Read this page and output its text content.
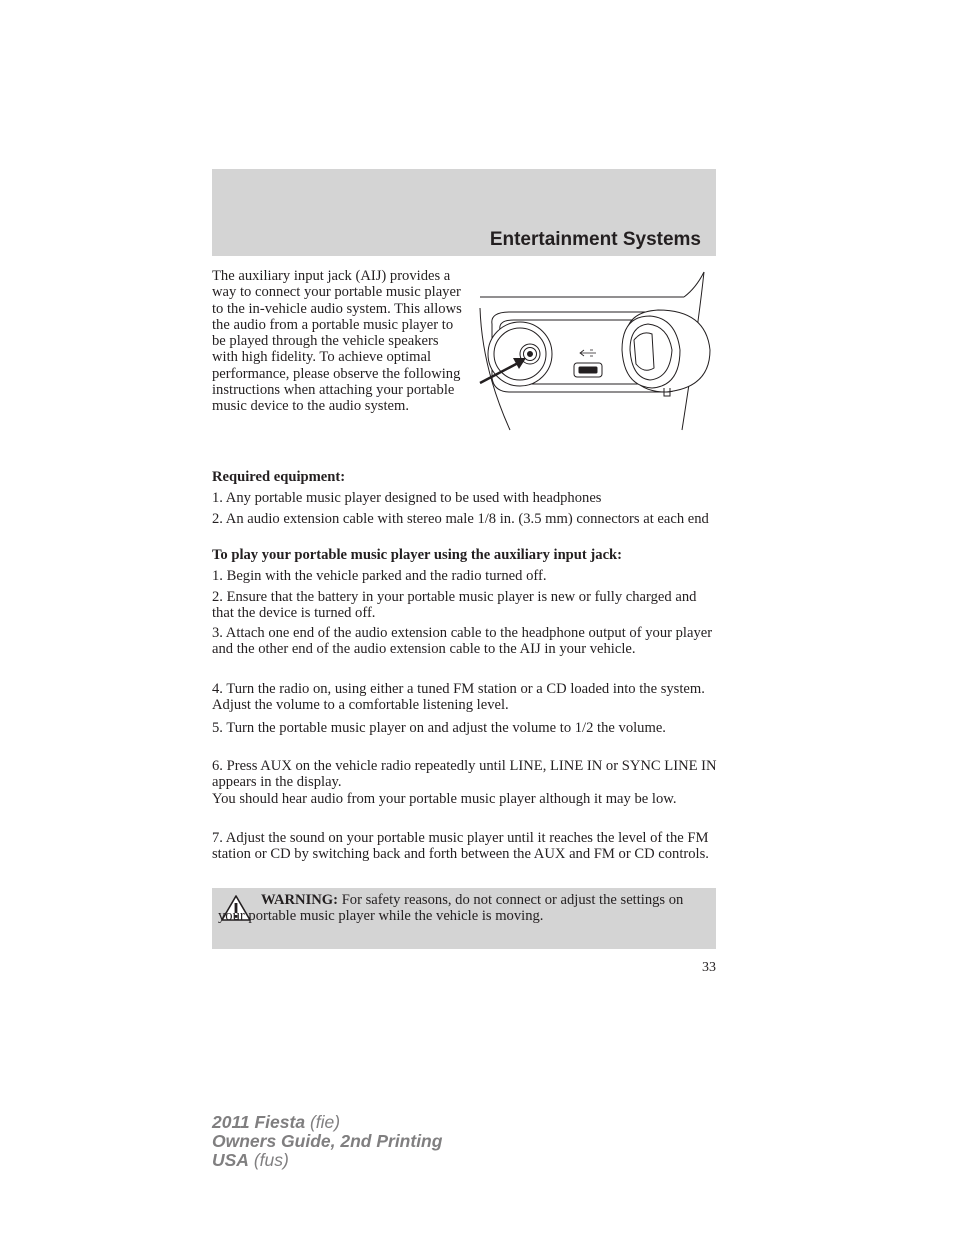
Entertainment Systems
The auxiliary input jack (AIJ) provides a way to connect your portable music player to the in-vehicle audio system. This allows the audio from a portable music player to be played through the vehicle speakers with high fidelity. To achieve optimal performance, please observe the following instructions when attaching your portable music device to the audio system.
Required equipment:
1. Any portable music player designed to be used with headphones
2. An audio extension cable with stereo male 1/8 in. (3.5 mm) connectors at each end
To play your portable music player using the auxiliary input jack:
1. Begin with the vehicle parked and the radio turned off.
2. Ensure that the battery in your portable music player is new or fully charged and that the device is turned off.
3. Attach one end of the audio extension cable to the headphone output of your player and the other end of the audio extension cable to the AIJ in your vehicle.
4. Turn the radio on, using either a tuned FM station or a CD loaded into the system. Adjust the volume to a comfortable listening level.
5. Turn the portable music player on and adjust the volume to 1/2 the volume.
6. Press AUX on the vehicle radio repeatedly until LINE, LINE IN or SYNC LINE IN appears in the display.
You should hear audio from your portable music player although it may be low.
7. Adjust the sound on your portable music player until it reaches the level of the FM station or CD by switching back and forth between the AUX and FM or CD controls.
WARNING: For safety reasons, do not connect or adjust the settings on your portable music player while the vehicle is moving.
33
2011 Fiesta (fie)
Owners Guide, 2nd Printing
USA (fus)
